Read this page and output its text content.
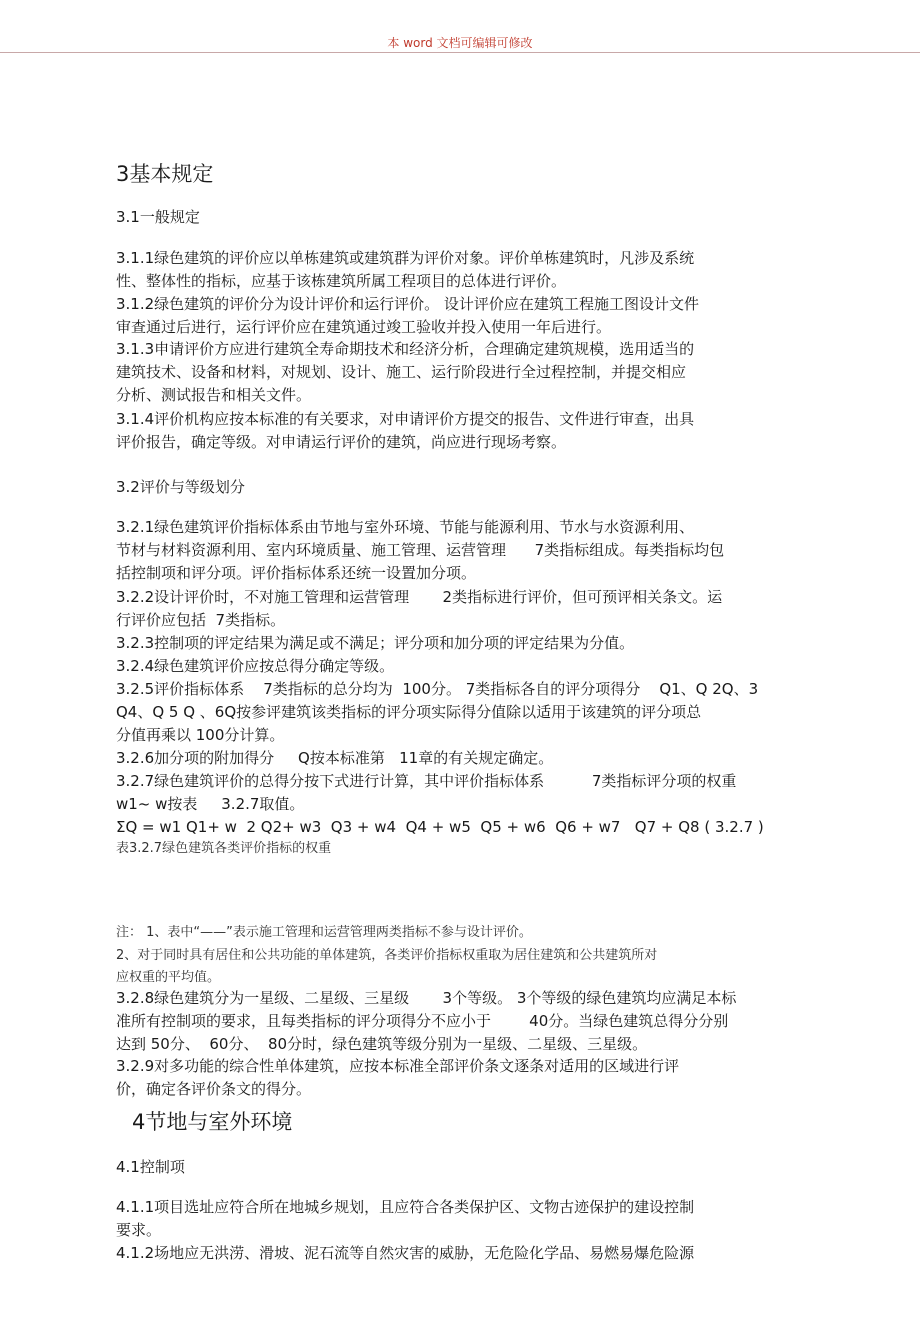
本 word 文档可编辑可修改
3基本规定
3.1一般规定
3.1.1绿色建筑的评价应以单栋建筑或建筑群为评价对象。评价单栋建筑时，凡涉及系统
性、整体性的指标，应基于该栋建筑所属工程项目的总体进行评价。
3.1.2绿色建筑的评价分为设计评价和运行评价。 设计评价应在建筑工程施工图设计文件
审查通过后进行，运行评价应在建筑通过竣工验收并投入使用一年后进行。
3.1.3申请评价方应进行建筑全寿命期技术和经济分析，合理确定建筑规模，选用适当的
建筑技术、设备和材料，对规划、设计、施工、运行阶段进行全过程控制，并提交相应
分析、测试报告和相关文件。
3.1.4评价机构应按本标准的有关要求，对申请评价方提交的报告、文件进行审查，出具
评价报告，确定等级。对申请运行评价的建筑，尚应进行现场考察。
3.2评价与等级划分
3.2.1绿色建筑评价指标体系由节地与室外环境、节能与能源利用、节水与水资源利用、
节材与材料资源利用、室内环境质量、施工管理、运营管理      7类指标组成。每类指标均包
括控制项和评分项。评价指标体系还统一设置加分项。
3.2.2设计评价时，不对施工管理和运营管理       2类指标进行评价，但可预评相关条文。运
行评价应包括  7类指标。
3.2.3控制项的评定结果为满足或不满足；评分项和加分项的评定结果为分值。
3.2.4绿色建筑评价应按总得分确定等级。
3.2.5评价指标体系    7类指标的总分均为  100分。 7类指标各自的评分项得分    Q1、Q 2Q、3
Q4、Q 5 Q 、6Q按参评建筑该类指标的评分项实际得分值除以适用于该建筑的评分项总
分值再乘以 100分计算。
3.2.6加分项的附加得分     Q按本标准第   11章的有关规定确定。
3.2.7绿色建筑评价的总得分按下式进行计算，其中评价指标体系          7类指标评分项的权重
w1~ w按表     3.2.7取值。
ΣQ = w1 Q1+ w  2 Q2+ w3  Q3 + w4  Q4 + w5  Q5 + w6  Q6 + w7   Q7 + Q8 ( 3.2.7 )
表3.2.7绿色建筑各类评价指标的权重
注： 1、表中“——”表示施工管理和运营管理两类指标不参与设计评价。
2、对于同时具有居住和公共功能的单体建筑，各类评价指标权重取为居住建筑和公共建筑所对
应权重的平均值。
3.2.8绿色建筑分为一星级、二星级、三星级       3个等级。 3个等级的绿色建筑均应满足本标
准所有控制项的要求，且每类指标的评分项得分不应小于        40分。当绿色建筑总得分分别
达到 50分、  60分、  80分时，绿色建筑等级分别为一星级、二星级、三星级。
3.2.9对多功能的综合性单体建筑，应按本标准全部评价条文逐条对适用的区域进行评
价，确定各评价条文的得分。
4节地与室外环境
4.1控制项
4.1.1项目选址应符合所在地城乡规划，且应符合各类保护区、文物古迹保护的建设控制
要求。
4.1.2场地应无洪涝、滑坡、泥石流等自然灾害的威胁，无危险化学品、易燃易爆危险源
